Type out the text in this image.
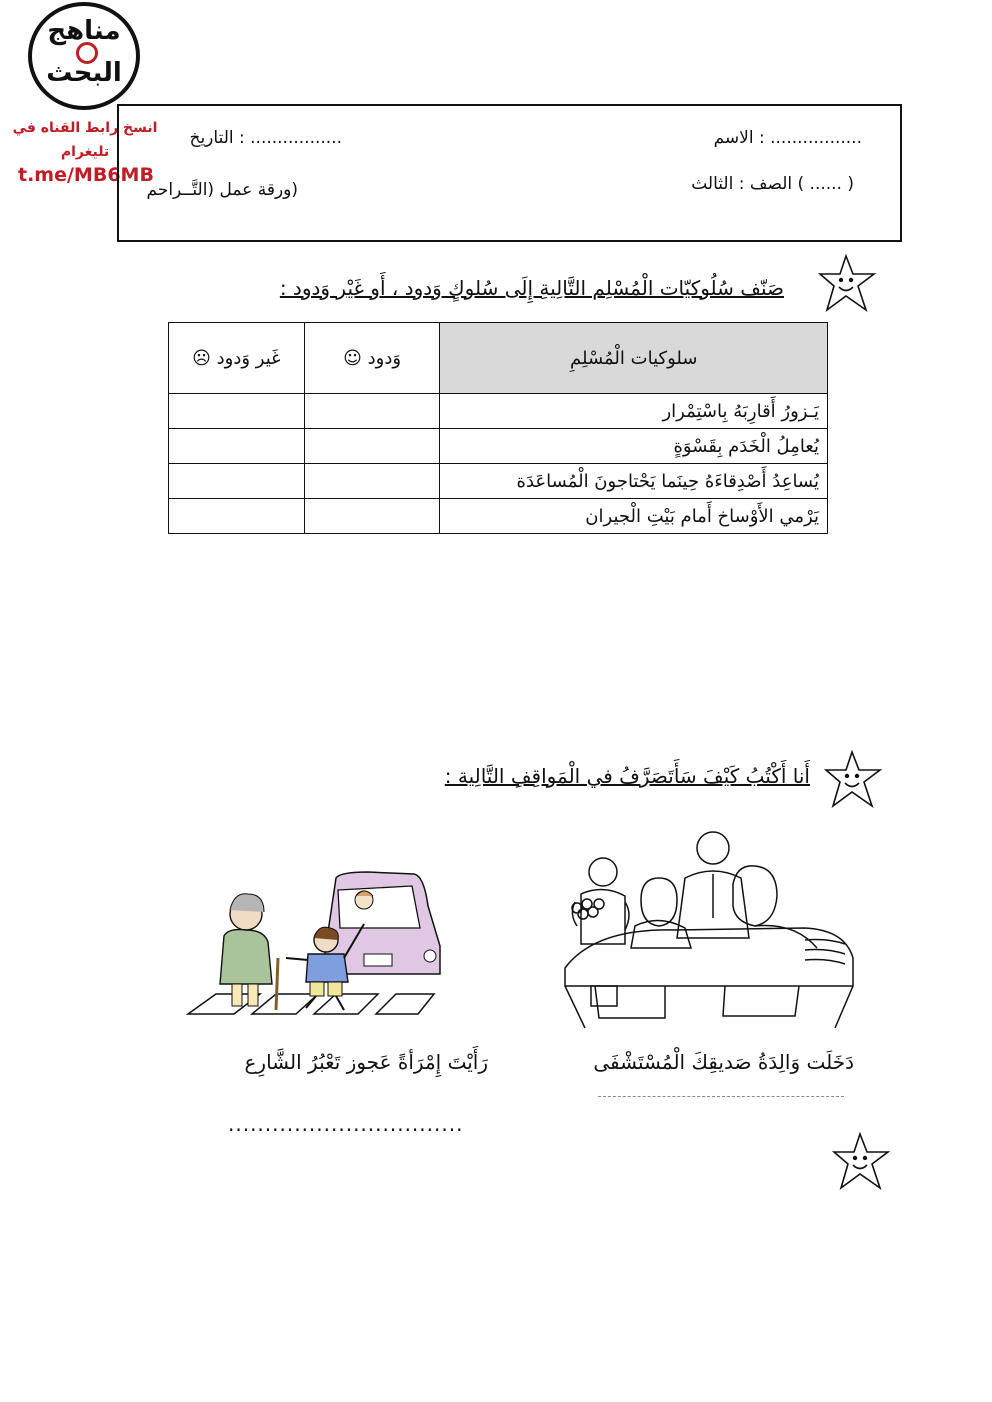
مناهج
البحث
انسخ رابط القناه في
تليغرام
t.me/MB6MB
................. : الاسم
................. : التاريخ
( ...... ) الصف : الثالث
(ورقة عمل (التَّــراحم
صَنّف سُلُوكيّات الْمُسْلِم التَّالِيةِ إِلَى سُلوكٍ وَدود ، أَو غَيْر وَدود :
سلوكيات الْمُسْلِمِ	وَدود ☺	غَير وَدود ☹
يَـزورُ أَقارِبَهُ بِاسْتِمْرار		
يُعامِلُ الْخَدَم بِقَسْوَةٍ		
يُساعِدُ أَصْدِقاءَهُ حِينَما يَحْتاجونَ الْمُساعَدَة		
يَرْمي الأَوْساخ أَمام بَيْتِ الْجيران		
أَنا أَكْتُبُ كَيْفَ سَأَتَصَرَّفُ في الْمَواقِفِ التَّالِية :
دَخَلَت وَالِدَةُ صَديقِكَ الْمُسْتَشْفَى
رَأَيْتَ إِمْرَأةً عَجوز تَعْبُرُ الشَّارِع
................................
